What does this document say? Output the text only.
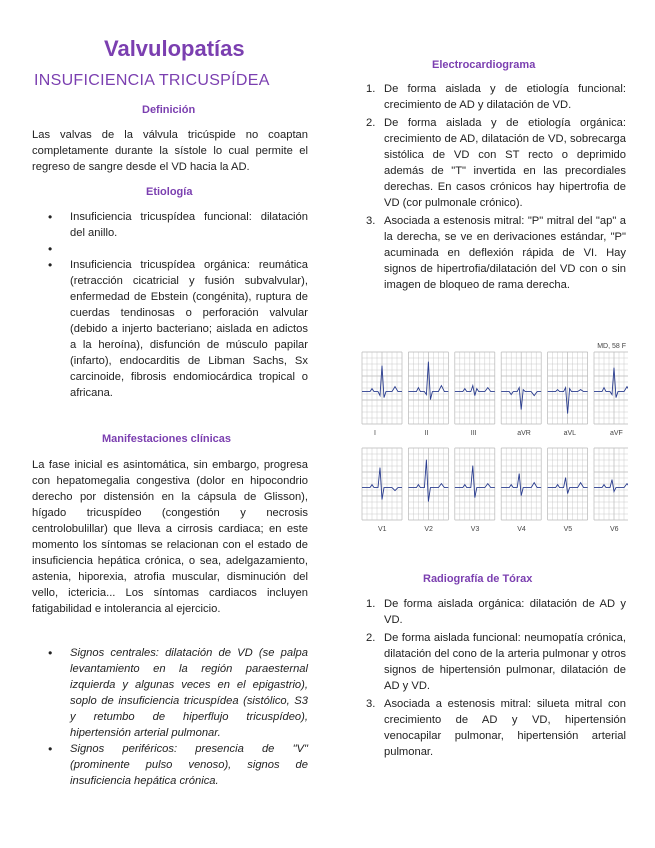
Valvulopatías
INSUFICIENCIA TRICUSPÍDEA
Definición
Las valvas de la válvula tricúspide no coaptan completamente durante la sístole lo cual permite el regreso de sangre desde el VD hacia la AD.
Etiología
• Insuficiencia tricuspídea funcional: dilatación del anillo.
•
• Insuficiencia tricuspídea orgánica: reumática (retracción cicatricial y fusión subvalvular), enfermedad de Ebstein (congénita), ruptura de cuerdas tendinosas o perforación valvular (debido a injerto bacteriano; aislada en adictos a la heroína), disfunción de músculo papilar (infarto), endocarditis de Libman Sachs, Sx carcinoide, fibrosis endomiocárdica tropical o africana.
Manifestaciones clínicas
La fase inicial es asintomática, sin embargo, progresa con hepatomegalia congestiva (dolor en hipocondrio derecho por distensión en la cápsula de Glisson), hígado tricuspídeo (congestión y necrosis centrolobulillar) que lleva a cirrosis cardiaca; en este momento los síntomas se relacionan con el estado de insuficiencia hepática crónica, o sea, adelgazamiento, astenia, hiporexia, atrofia muscular, disminución del vello, ictericia... Los síntomas cardiacos incluyen fatigabilidad e intolerancia al ejercicio.
• Signos centrales: dilatación de VD (se palpa levantamiento en la región paraesternal izquierda y algunas veces en el epigastrio), soplo de insuficiencia tricuspídea (sistólico, S3 y retumbo de hiperflujo tricuspídeo), hipertensión arterial pulmonar.
• Signos periféricos: presencia de "V" (prominente pulso venoso), signos de insuficiencia hepática crónica.
Electrocardiograma
1. De forma aislada y de etiología funcional: crecimiento de AD y dilatación de VD.
2. De forma aislada y de etiología orgánica: crecimiento de AD, dilatación de VD, sobrecarga sistólica de VD con ST recto o deprimido además de "T" invertida en las precordiales derechas. En casos crónicos hay hipertrofia de VD (cor pulmonale crónico).
3. Asociada a estenosis mitral: "P" mitral del "ap" a la derecha, se ve en derivaciones estándar, "P" acuminada en deflexión rápida de VI. Hay signos de hipertrofia/dilatación del VD con o sin imagen de bloqueo de rama derecha.
MD, 58 F
I	II	III	aVR	aVL	aVF
V1	V2	V3	V4	V5	V6
Radiografía de Tórax
1. De forma aislada orgánica: dilatación de AD y VD.
2. De forma aislada funcional: neumopatía crónica, dilatación del cono de la arteria pulmonar y otros signos de hipertensión pulmonar, dilatación de AD y VD.
3. Asociada a estenosis mitral: silueta mitral con crecimiento de AD y VD, hipertensión venocapilar pulmonar, hipertensión arterial pulmonar.
